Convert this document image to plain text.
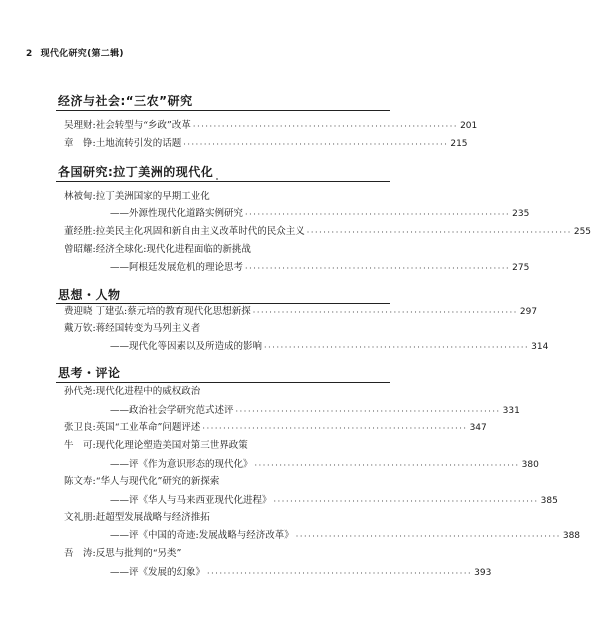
2 现代化研究(第二辑)
经济与社会:“三农”研究
吴理财:社会转型与“乡政”改革 ································································ 201
章　铮:土地流转引发的话题 ································································ 215
各国研究:拉丁美洲的现代化
林被甸:拉丁美洲国家的早期工业化
——外源性现代化道路实例研究 ································································ 235
董经胜:拉美民主化巩固和新自由主义改革时代的民众主义 ································································ 255
曾昭耀:经济全球化:现代化进程面临的新挑战
——阿根廷发展危机的理论思考 ································································ 275
思想・人物
费迎晓 丁建弘:蔡元培的教育现代化思想新探 ································································ 297
戴万钦:蒋经国转变为马列主义者
——现代化等因素以及所造成的影响 ································································ 314
思考・评论
孙代尧:现代化进程中的威权政治
——政治社会学研究范式述评 ································································ 331
张卫良:英国“工业革命”问题评述 ································································ 347
牛　可:现代化理论塑造美国对第三世界政策
——评《作为意识形态的现代化》 ································································ 380
陈文寿:“华人与现代化”研究的新探索
——评《华人与马来西亚现代化进程》 ································································ 385
文礼朋:赶超型发展战略与经济推拓
——评《中国的奇迹:发展战略与经济改革》 ································································ 388
吾　涛:反思与批判的“另类”
——评《发展的幻象》 ································································ 393
